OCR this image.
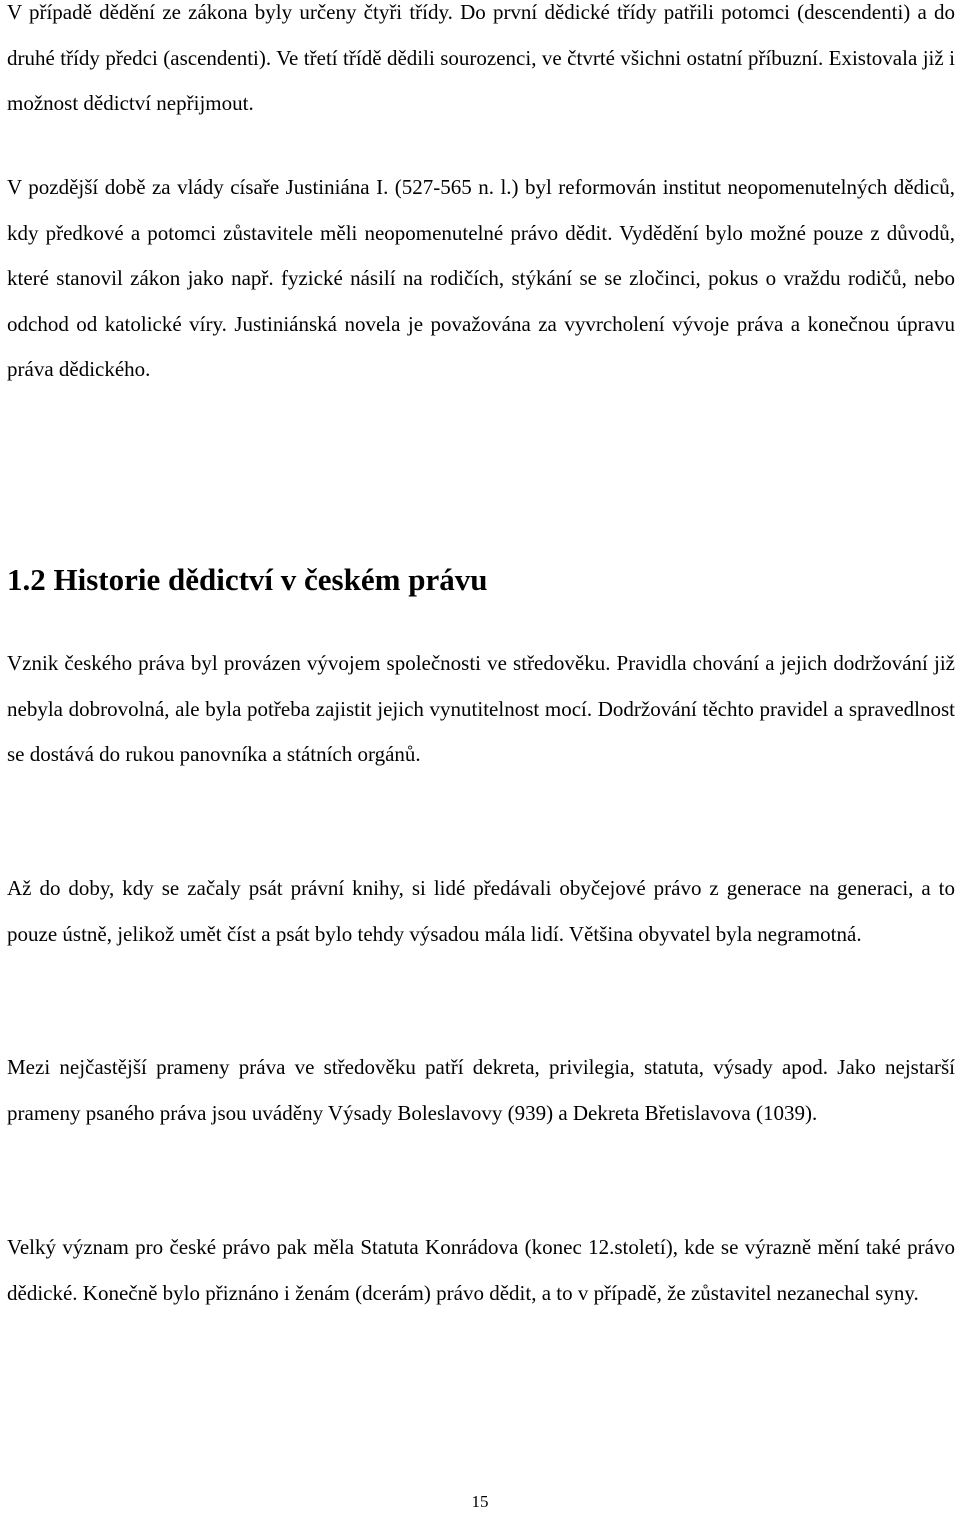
V případě dědění ze zákona byly určeny čtyři třídy. Do první dědické třídy patřili potomci (descendenti) a do druhé třídy předci (ascendenti). Ve třetí třídě dědili sourozenci, ve čtvrté všichni ostatní příbuzní. Existovala již i možnost dědictví nepřijmout.

V pozdější době za vlády císaře Justiniána I. (527-565 n. l.) byl reformován institut neopomenutelných dědiců, kdy předkové a potomci zůstavitele měli neopomenutelné právo dědit. Vydědění bylo možné pouze z důvodů, které stanovil zákon jako např. fyzické násilí na rodičích, stýkání se se zločinci, pokus o vraždu rodičů, nebo odchod od katolické víry. Justiniánská novela je považována za vyvrcholení vývoje práva a konečnou úpravu práva dědického.

1.2 Historie dědictví v českém právu

Vznik českého práva byl provázen vývojem společnosti ve středověku. Pravidla chování a jejich dodržování již nebyla dobrovolná, ale byla potřeba zajistit jejich vynutitelnost mocí. Dodržování těchto pravidel a spravedlnost se dostává do rukou panovníka a státních orgánů.

Až do doby, kdy se začaly psát právní knihy, si lidé předávali obyčejové právo z generace na generaci, a to pouze ústně, jelikož umět číst a psát bylo tehdy výsadou mála lidí. Většina obyvatel byla negramotná.

Mezi nejčastější prameny práva ve středověku patří dekreta, privilegia, statuta, výsady apod. Jako nejstarší prameny psaného práva jsou uváděny Výsady Boleslavovy (939) a Dekreta Břetislavova (1039).

Velký význam pro české právo pak měla Statuta Konrádova (konec 12.století), kde se výrazně mění také právo dědické. Konečně bylo přiznáno i ženám (dcerám) právo dědit, a to v případě, že zůstavitel nezanechal syny.

15
